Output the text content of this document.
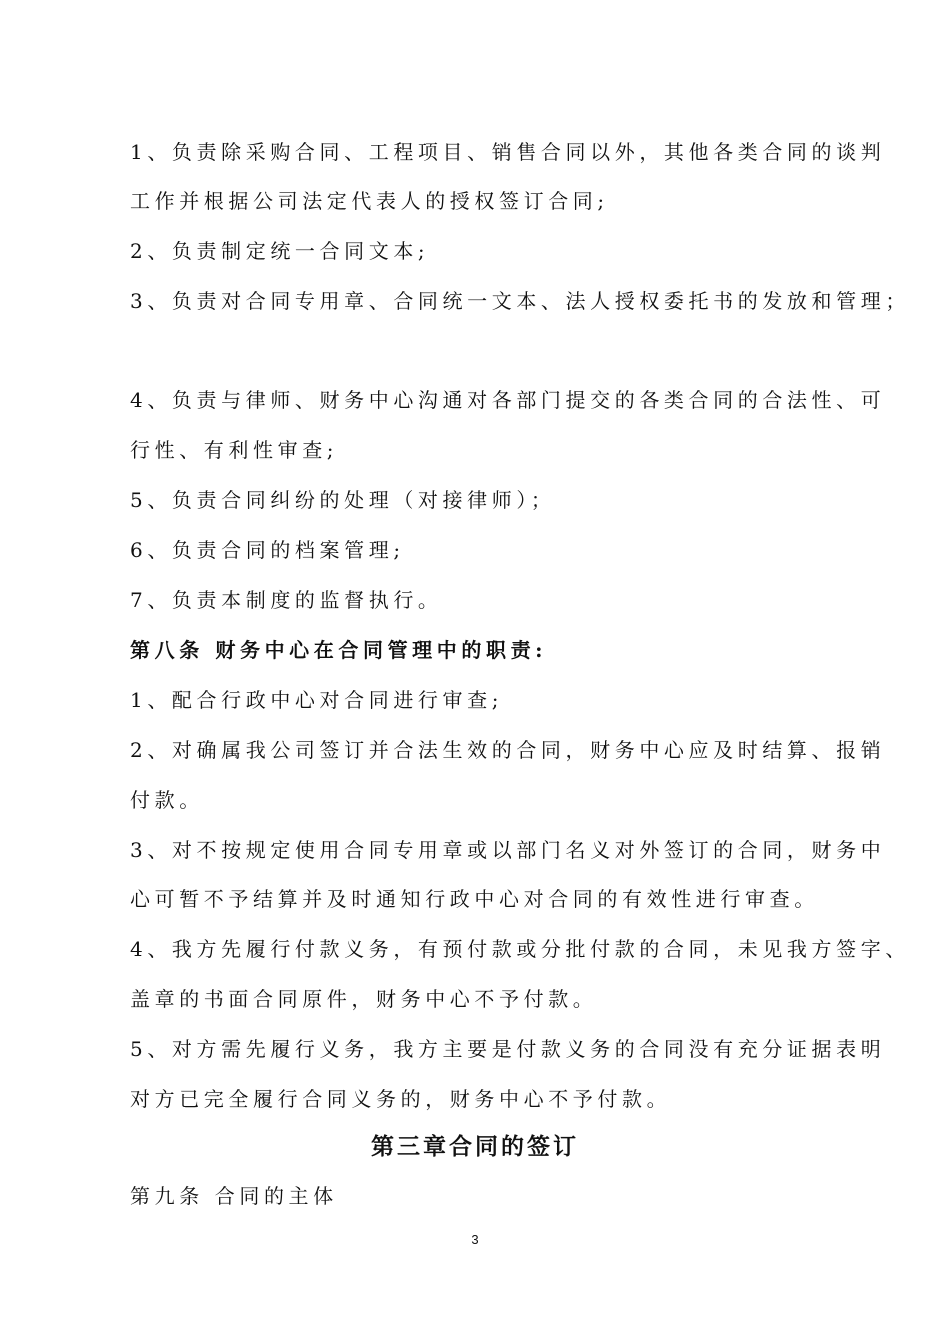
1、负责除采购合同、工程项目、销售合同以外，其他各类合同的谈判

工作并根据公司法定代表人的授权签订合同;

2、负责制定统一合同文本;

3、负责对合同专用章、合同统一文本、法人授权委托书的发放和管理；

4、负责与律师、财务中心沟通对各部门提交的各类合同的合法性、可

行性、有利性审查;

5、负责合同纠纷的处理（对接律师）；

6、负责合同的档案管理;

7、负责本制度的监督执行。

第八条 财务中心在合同管理中的职责:

1、配合行政中心对合同进行审查;

2、对确属我公司签订并合法生效的合同，财务中心应及时结算、报销

付款。

3、对不按规定使用合同专用章或以部门名义对外签订的合同，财务中

心可暂不予结算并及时通知行政中心对合同的有效性进行审查。

4、我方先履行付款义务，有预付款或分批付款的合同，未见我方签字、

盖章的书面合同原件，财务中心不予付款。

5、对方需先履行义务，我方主要是付款义务的合同没有充分证据表明

对方已完全履行合同义务的，财务中心不予付款。

第三章合同的签订

第九条 合同的主体

3
